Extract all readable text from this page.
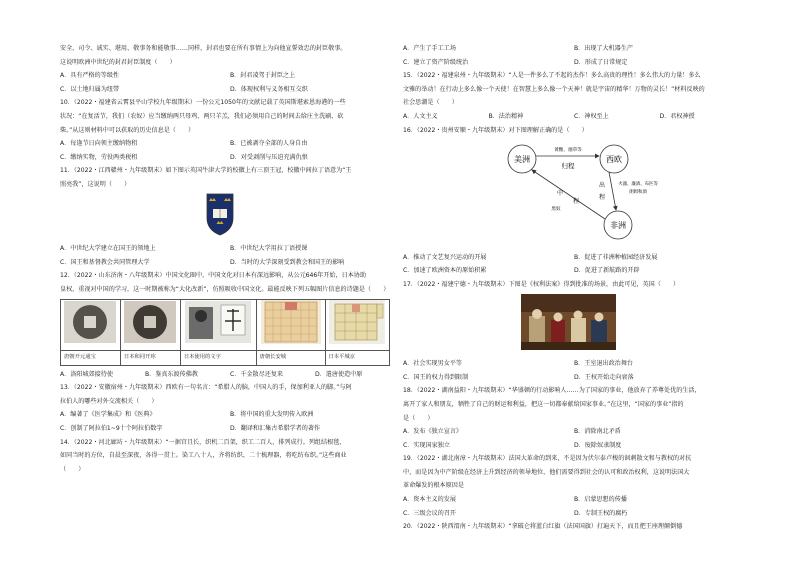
安全、司令、诚实、堪用、敬事务和能敬事……同样，封君也要在所有事情上为向他宣誓效忠的封臣敬事。
这说明欧洲中世纪的封君封臣制度（　　）
A．具有严格的等级性	B．封君凌驾于封臣之上
C．以土地归属为纽带	D．体现权利与义务相互交织
10．（2022・福建省云霄县平山学校九年级期末）一份公元1050年的文献记载了英国斯堪索恩海港的一些
状况：“在复活节，我们（农奴）应当缴纳两只母鸡、两只羊羔，我们必须用自己的时间去给庄主洗刷、砍
柴。”从这则材料中可以获取的历史信息是（　　）
A．每逢节日向领主缴纳物租	B．已被剥夺全部的人身自由
C．缴纳实物，劳役两类税租	D．对受剥削与压迫充满仇恨
11．（2022・江西赣州・九年级期末）如下图示英国牛津大学的校徽上有三顶王冠，校徽中间拉丁语意为“王
照亮我”，这说明（　　）
A．中世纪大学建立在国王的领地上	B．中世纪大学用拉丁语授课
C．国王和基督教会共同管理大学	D．当时的大学深刻受到教会和国王的影响
12．（2022・山东济南・八年级期末）中国文化圈中，中国文化对日本有深远影响，从公元646年开始，日本协助
皇权，重视对中国的学习，这一时期被称为“大化改新”，仿照吸收中国文化。最能反映下列五幅图片信息的诗题是（　　）

唐朝开元通宝	日本和同开珎	日本使用的文字	唐朝长安城	日本平城京
A．洛阳城郊接待使	B．鉴真东渡传佛教	C．千金散尽还复来	D．遣唐使造中原
13．（2022・安徽宿州・九年级期末）西欧有一句名言：“希腊人的脑，中国人的手，保加利亚人的脚。”与阿
拉伯人的哪些对外交流相关（　　）
A．编著了《医学集成》和《医典》	B．将中国的重大发明传入欧洲
C．创制了阿拉伯1~9十个阿拉伯数字	D．翻译和汇集古希腊学者的著作
14．（2022・河北廊坊・九年级期末）“一据宫且长，织机二百架，织工二百人，排列成行。列组结根毯，
如同当时的方位，自晨至深夜，各得一贯土。染工八十人，齐将纺织、二十梳理器，将吃纺布织。”这些商业
（　　）
A．产生了手工工场	B．出现了大机器生产
C．建立了资产阶级统治	D．形成了日常规定
15．（2022・福建泉州・九年级期末）“人是一件多么了不起的杰作！多么高贵的理性！多么伟大的力量！多么
文雅的举动！在行动上多么像一个天使！在智慧上多么像一个天神！就是宇宙的精华！万物的灵长！”材料反映的
社会思潮是（　　）
A．人文主义	B．法治精神	C．神权至上	D．君权神授
16．（2022・贵州安顺・九年级期末）对下图理解正确的是（　　）
美洲	西欧
非洲
黄糖、烟草等
归程
中
程
黑奴
出
程
火器、廉酒、布匹等
朗姆和酒
A．推动了文艺复兴运动的开展	B．促进了非洲种植园经济发展
C．加速了欧洲资本的原始积累	D．促进了新航路的开辟
17．（2022・福建宁德・九年级期末）下图是《权利法案》得到批准的场景，由此可见，英国（　　）
A．社会实现男女平等	B．王室退出政治舞台
C．国王的权力得到限制	D．王权开始走向衰落
18．（2022・湖南益阳・九年级期末）“华盛顿的行动影响人……为了国家的事业，他放弃了养尊处优的生活，
离开了家人和朋友，牺牲了自己的财运和利益，把这一切都奉献给国家事业。”在这里，“国家的事业”指的
是（　　）
A．发布《独立宣言》	B．消除南北矛盾
C．实现国家独立	D．废除奴隶制度
19．（2022・湖北南漳・九年级期末）法国大革命的到来，不是因为伏尔泰卢梭的讽刺散文和与教权的对抗
中，而是因为中产阶级在经济上升到经济的领导地位，他们需要得到社会的认可和政治权利，这说明法国大
革命爆发的根本原因是
A．资本主义的发展	B．启蒙思想的传播
C．三级会议的召开	D．专制王权的腐朽
20．（2022・陕西渭南・九年级期末）“拿破仑将蓝白红旗（法国国旗）打遍天下，而且把王座理颠倒德
